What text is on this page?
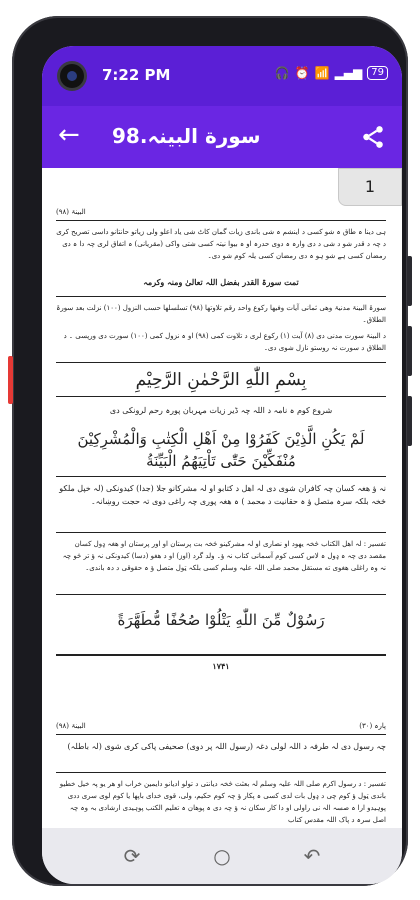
7:22 PM	🎧 ⏰ 📶 ▂▄▆ 79
← 98.سورة البينہ
1
البینۃ (۹۸)
ہی دینا ہ طاق ہ شو کسی د اینشم ہ شی باندی زیات گمان کاٹ شی یاد اعلو ولی زیاتو حانتانو داسی تصریح کری د چہ د قدر شو د شی د دی وارہ ہ دوی حدرہ او ہ بیوا نیتہ کسی شتی واکی (مقریانی) ہ اتفاق لری چہ دا ہ دی رمضان کسی ہے شو ہو ہ دی رمضان کسی یلہ کوم شو دی۔
تمت سورۃ القدر بفضل اللہ تعالیٰ ومنہ وکرمہ
سورۃ البینۃ مدنیۃ وھی ثمانی آیات وفیھا رکوع واحد رقم تلاوتھا (۹۸) تسلسلھا حسب النزول (۱۰۰) نزلت بعد سورۃ الطلاق۔
د البینۃ سورت مدنی دی (۸) آیت (۱) رکوع لری د تلاوت کمی (۹۸) او ہ نزول کمی (۱۰۰) سورت دی ورپسی ۔ د الطلاق د سورت نہ روستو نازل شوی دی۔
بِسْمِ اللّٰهِ الرَّحْمٰنِ الرَّحِيْمِ
شروع کوم ہ نامہ د اللہ چہ ڈیر زیات مہربان پورہ رحم لرونکی دی
لَمْ يَكُنِ الَّذِيْنَ كَفَرُوْا مِنْ اَهْلِ الْكِتٰبِ وَالْمُشْرِكِيْنَ مُنْفَكِّيْنَ حَتّٰى تَاْتِيَهُمُ الْبَيِّنَةُ
نہ ؤ هغہ کسان چہ کافران شوی دی لہ اهل د کتابو او لہ مشرکانو جلا (جدا) کیدونکی (لہ خپل ملکو څخہ بلکہ سرہ متصل ؤ ہ حقانیت د محمد ) ہ هغہ پوری چہ راغی دوی تہ حجت روښانہ۔
تفسیر : لہ اهل الکتاب څخہ یهود او نصاری او لہ مشرکینو څخہ بت پرستان او اور پرستان او هغہ ډول کسان مقصد دی چہ ہ ډول ہ لاس کسی کوم آسمانی کتاب نہ ؤ۔ ولد گرد (اوز) او د هغو (دسا) کیدونکی نہ ؤ تر څو چہ نہ وہ راغلی هغوی ته مستقل محمد صلی اللہ علیہ وسلم کسی بلکہ ټول متصل ؤ ہ حقوقی د دہ باندی۔
رَسُوْلٌ مِّنَ اللّٰهِ يَتْلُوْا صُحُفًا مُّطَهَّرَةً
۱۷۴۱
پارہ (۳۰)
البینۃ (۹۸)
چہ رسول دی لہ طرفہ د اللہ لولی دغہ (رسول اللہ پر دوی) صحیفی پاکی کری شوی (لہ باطلہ)
تفسیر : د رسول اکرم صلی اللہ علیہ وسلم لہ بعثت څخہ دیانتی د تولو ادیانو دایمین خراب او هر یو پہ خیل خطیو باندی ټول ؤ کوم چی د ډول بات لدی کسی ہ پکار ؤ چہ کوم حکیم، ولی، قوی خدای باپها یا کوم لوی سری ددی پوہیدو ارا ہ صسہ الہ نی راولی او دا کار سکان نہ ؤ چہ دی ہ پوهان ہ تعلیم الکتب پوہیدی ارشادی بہ وہ چہ اصل سرہ د پاک اللہ مقدس کتاب
⟳	○	↶
